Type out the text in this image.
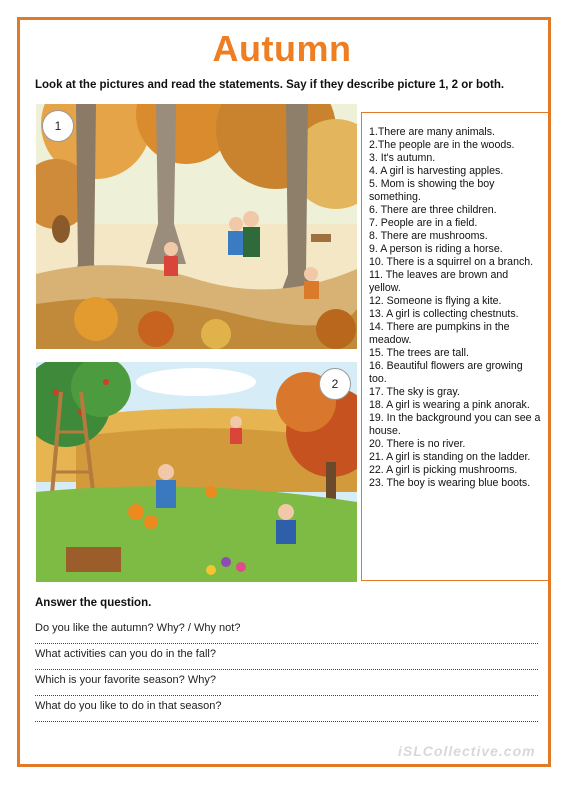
Autumn
Look at the pictures and read the statements. Say if they describe picture 1, 2 or both.
1
2
1.There are many animals.
2.The people are in the woods.
3. It's autumn.
4. A girl is harvesting apples.
5. Mom is showing the boy something.
6. There are three children.
7. People are in a field.
8. There are mushrooms.
9. A person is riding a horse.
10. There is a squirrel on a branch.
11. The leaves are brown and yellow.
12. Someone is flying a kite.
13. A girl is collecting chestnuts.
14. There are pumpkins in the meadow.
15. The trees are tall.
16. Beautiful flowers are growing too.
17. The sky is gray.
18. A girl is wearing a pink anorak.
19. In the background you can see a house.
20. There is no river.
21. A girl is standing on the ladder.
22. A girl is picking mushrooms.
23. The boy is wearing blue boots.
Answer the question.
Do you like the autumn? Why? / Why not?
What activities can you do in the fall?
Which is your favorite season? Why?
What do you like to do in that season?
iSLCollective.com
